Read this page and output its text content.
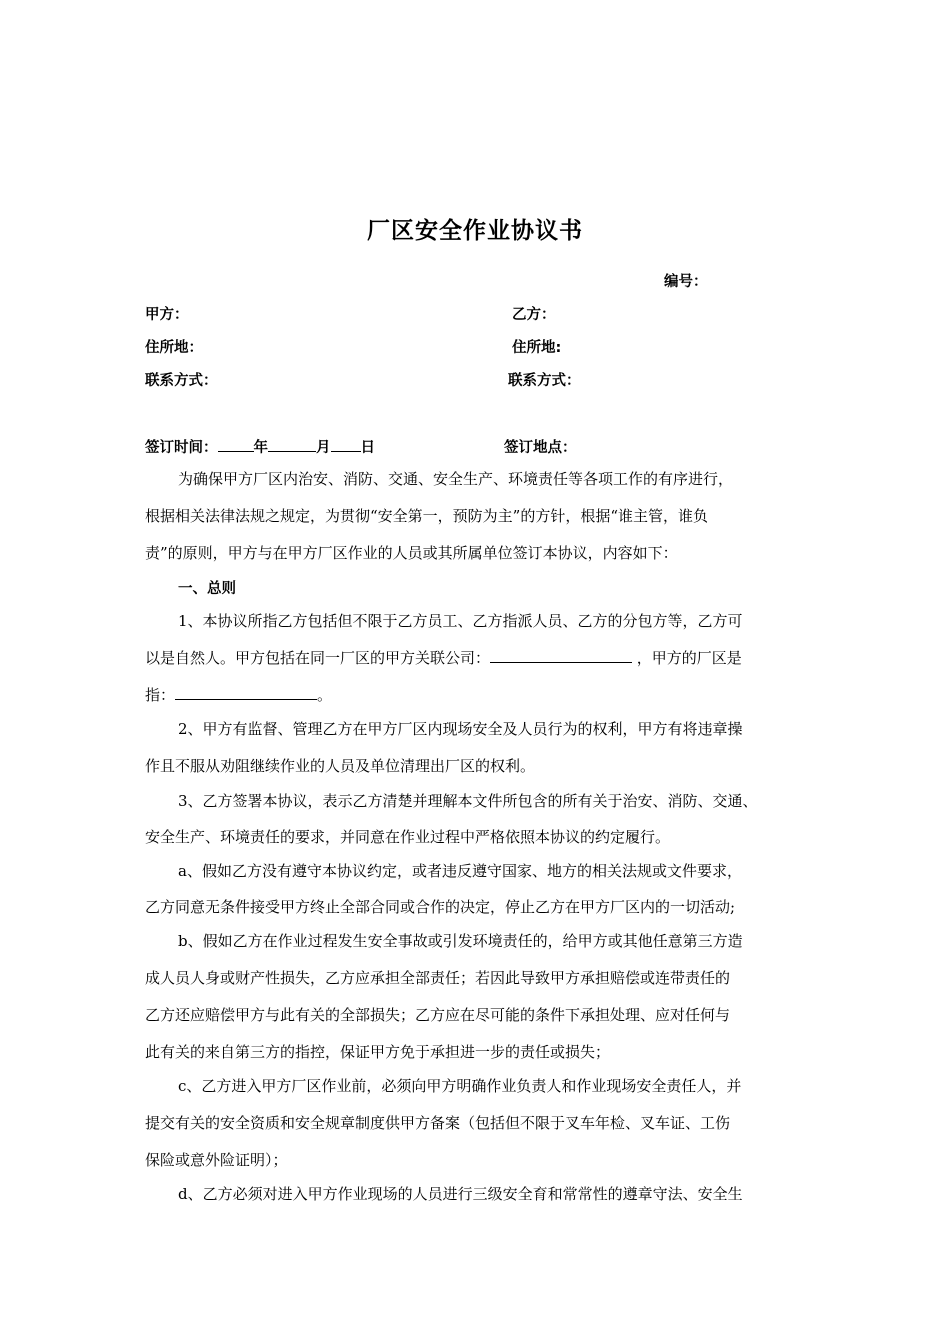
厂区安全作业协议书
编号：
甲方：	乙方：
住所地：	住所地:
联系方式：	联系方式：
签订时间： 年	月 日	签订地点：
为确保甲方厂区内治安、消防、交通、安全生产、环境责任等各项工作的有序进行，
根据相关法律法规之规定，为贯彻“安全第一，预防为主”的方针，根据“谁主管，谁负
责”的原则，甲方与在甲方厂区作业的人员或其所属单位签订本协议，内容如下：
一、总则
1、本协议所指乙方包括但不限于乙方员工、乙方指派人员、乙方的分包方等，乙方可
以是自然人。甲方包括在同一厂区的甲方关联公司：	，甲方的厂区是
指：	。
2、甲方有监督、管理乙方在甲方厂区内现场安全及人员行为的权利，甲方有将违章操
作且不服从劝阻继续作业的人员及单位清理出厂区的权利。
3、乙方签署本协议，表示乙方清楚并理解本文件所包含的所有关于治安、消防、交通、
安全生产、环境责任的要求，并同意在作业过程中严格依照本协议的约定履行。
a、假如乙方没有遵守本协议约定，或者违反遵守国家、地方的相关法规或文件要求，
乙方同意无条件接受甲方终止全部合同或合作的决定，停止乙方在甲方厂区内的一切活动;
b、假如乙方在作业过程发生安全事故或引发环境责任的，给甲方或其他任意第三方造
成人员人身或财产性损失，乙方应承担全部责任；若因此导致甲方承担赔偿或连带责任的
乙方还应赔偿甲方与此有关的全部损失；乙方应在尽可能的条件下承担处理、应对任何与
此有关的来自第三方的指控，保证甲方免于承担进一步的责任或损失；
c、乙方进入甲方厂区作业前，必须向甲方明确作业负责人和作业现场安全责任人，并
提交有关的安全资质和安全规章制度供甲方备案（包括但不限于叉车年检、叉车证、工伤
保险或意外险证明）；
d、乙方必须对进入甲方作业现场的人员进行三级安全育和常常性的遵章守法、安全生
